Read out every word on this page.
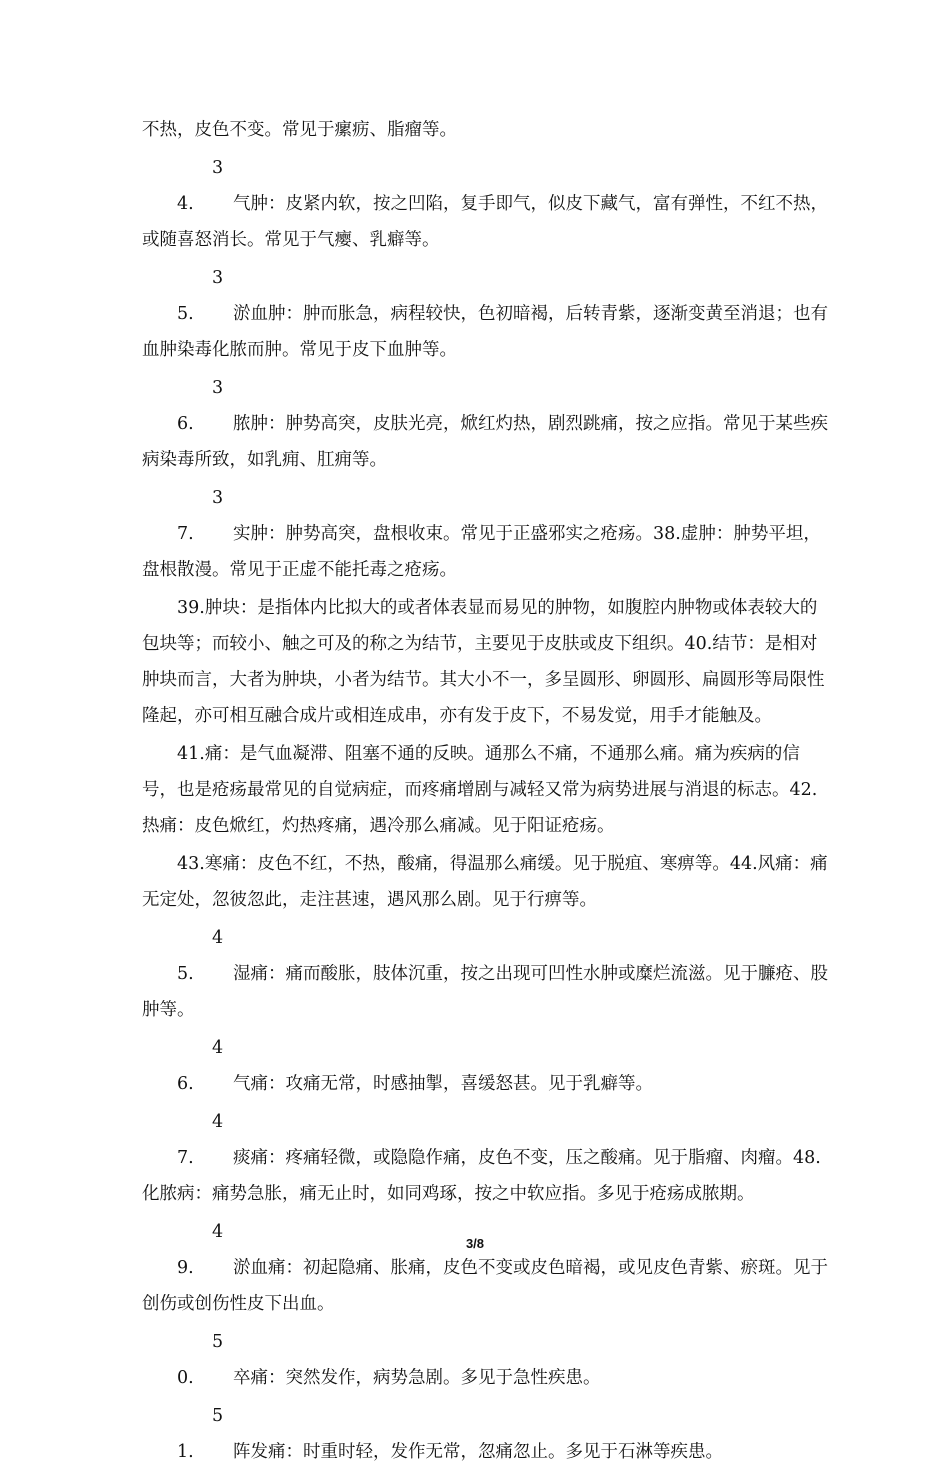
不热，皮色不变。常见于瘰疬、脂瘤等。

34. 气肿：皮紧内软，按之凹陷，复手即气，似皮下藏气，富有弹性，不红不热，或随喜怒消长。常见于气瘿、乳癖等。

35. 淤血肿：肿而胀急，病程较快，色初暗褐，后转青紫，逐渐变黄至消退；也有血肿染毒化脓而肿。常见于皮下血肿等。

36. 脓肿：肿势高突，皮肤光亮，焮红灼热，剧烈跳痛，按之应指。常见于某些疾病染毒所致，如乳痈、肛痈等。

37. 实肿：肿势高突，盘根收束。常见于正盛邪实之疮疡。38.虚肿：肿势平坦，盘根散漫。常见于正虚不能托毒之疮疡。

39.肿块：是指体内比拟大的或者体表显而易见的肿物，如腹腔内肿物或体表较大的包块等；而较小、触之可及的称之为结节，主要见于皮肤或皮下组织。40.结节：是相对肿块而言，大者为肿块，小者为结节。其大小不一，多呈圆形、卵圆形、扁圆形等局限性隆起，亦可相互融合成片或相连成串，亦有发于皮下，不易发觉，用手才能触及。

41.痛：是气血凝滞、阻塞不通的反映。通那么不痛，不通那么痛。痛为疾病的信号，也是疮疡最常见的自觉病症，而疼痛增剧与减轻又常为病势进展与消退的标志。42.热痛：皮色焮红，灼热疼痛，遇冷那么痛减。见于阳证疮疡。

43.寒痛：皮色不红，不热，酸痛，得温那么痛缓。见于脱疽、寒痹等。44.风痛：痛无定处，忽彼忽此，走注甚速，遇风那么剧。见于行痹等。

45. 湿痛：痛而酸胀，肢体沉重，按之出现可凹性水肿或糜烂流滋。见于臁疮、股肿等。

46. 气痛：攻痛无常，时感抽掣，喜缓怒甚。见于乳癖等。

47. 痰痛：疼痛轻微，或隐隐作痛，皮色不变，压之酸痛。见于脂瘤、肉瘤。48.化脓病：痛势急胀，痛无止时，如同鸡琢，按之中软应指。多见于疮疡成脓期。

49. 淤血痛：初起隐痛、胀痛，皮色不变或皮色暗褐，或见皮色青紫、瘀斑。见于创伤或创伤性皮下出血。

50. 卒痛：突然发作，病势急剧。多见于急性疾患。

51. 阵发痛：时重时轻，发作无常，忽痛忽止。多见于石淋等疾患。

3/8
